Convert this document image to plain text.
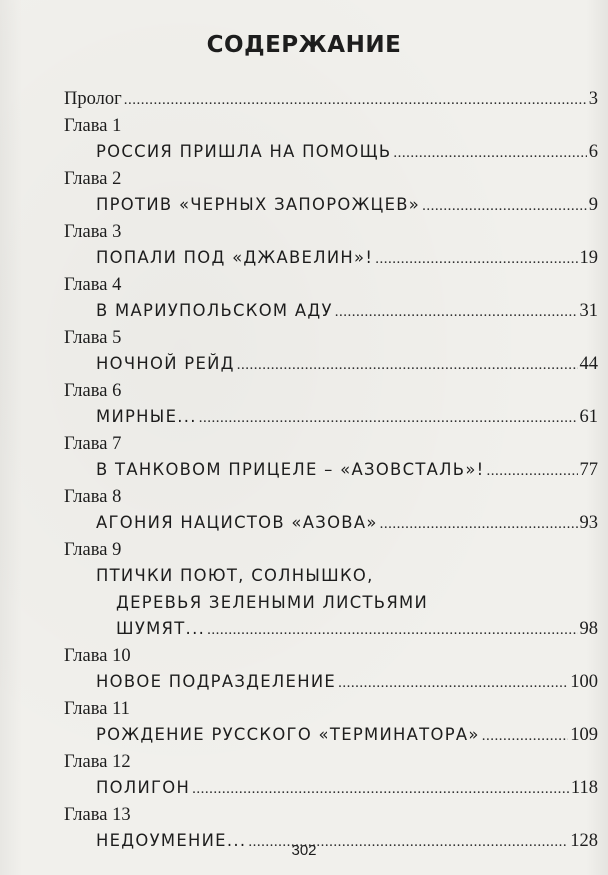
СОДЕРЖАНИЕ
Пролог .....	3
Глава 1
РОССИЯ ПРИШЛА НА ПОМОЩЬ .....	6
Глава 2
ПРОТИВ «ЧЕРНЫХ ЗАПОРОЖЦЕВ» .....	9
Глава 3
ПОПАЛИ ПОД «ДЖАВЕЛИН»! .....	19
Глава 4
В МАРИУПОЛЬСКОМ АДУ .....	31
Глава 5
НОЧНОЙ РЕЙД .....	44
Глава 6
МИРНЫЕ... .....	61
Глава 7
В ТАНКОВОМ ПРИЦЕЛЕ – «АЗОВСТАЛЬ»! .....	77
Глава 8
АГОНИЯ НАЦИСТОВ «АЗОВА» .....	93
Глава 9
ПТИЧКИ ПОЮТ, СОЛНЫШКО,
ДЕРЕВЬЯ ЗЕЛЕНЫМИ ЛИСТЬЯМИ
ШУМЯТ... .....	98
Глава 10
НОВОЕ ПОДРАЗДЕЛЕНИЕ .....	100
Глава 11
РОЖДЕНИЕ РУССКОГО «ТЕРМИНАТОРА» .....	109
Глава 12
ПОЛИГОН .....	118
Глава 13
НЕДОУМЕНИЕ... .....	128
302
